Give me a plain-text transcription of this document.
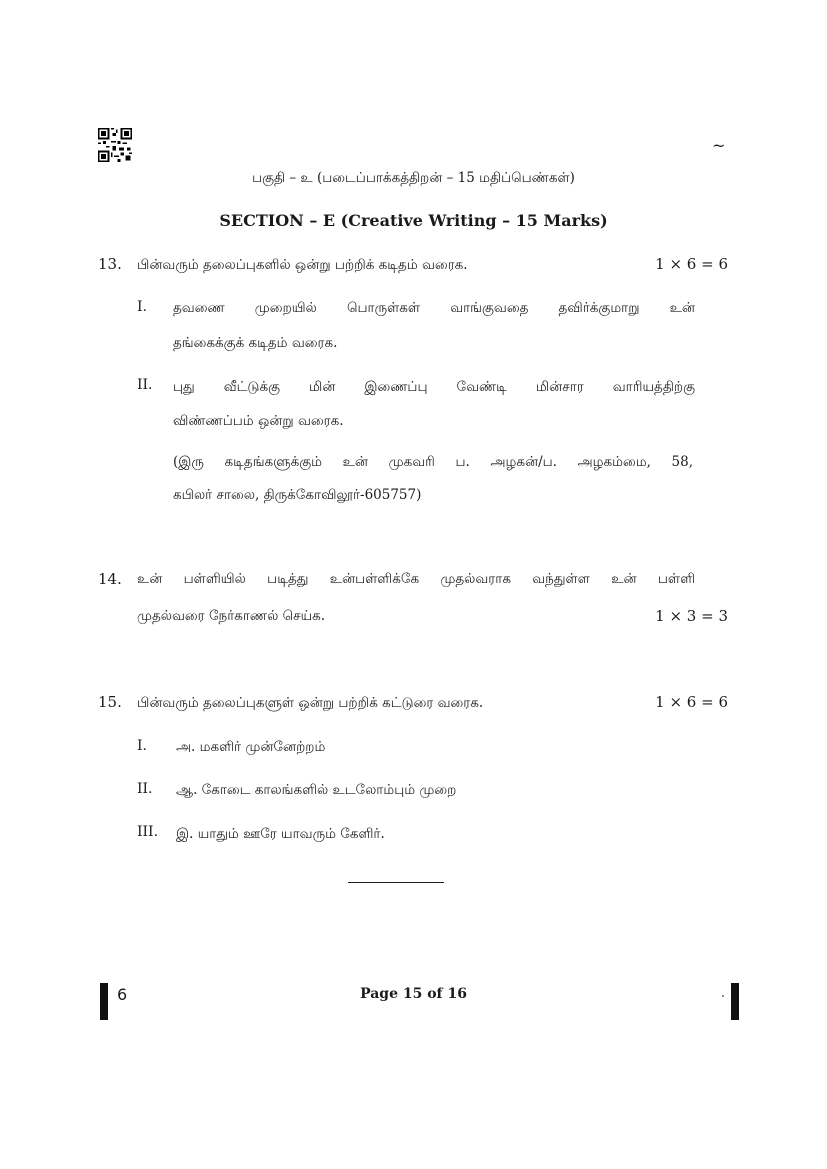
~
பகுதி – உ (படைப்பாக்கத்திறன் – 15 மதிப்பெண்கள்)
SECTION – E (Creative Writing – 15 Marks)
13. பின்வரும் தலைப்புகளில் ஒன்று பற்றிக் கடிதம் வரைக.	1 × 6 = 6
I. தவணை முறையில் பொருள்கள் வாங்குவதை தவிர்க்குமாறு உன்
தங்கைக்குக் கடிதம் வரைக.
II. புது வீட்டுக்கு மின் இணைப்பு வேண்டி மின்சார வாரியத்திற்கு
விண்ணப்பம் ஒன்று வரைக.
(இரு கடிதங்களுக்கும் உன் முகவரி ப. அழகன்/ப. அழகம்மை, 58,
கபிலர் சாலை, திருக்கோவிலூர்-605757)
14. உன் பள்ளியில் படித்து உன்பள்ளிக்கே முதல்வராக வந்துள்ள உன் பள்ளி
முதல்வரை நேர்காணல் செய்க.	1 × 3 = 3
15. பின்வரும் தலைப்புகளுள் ஒன்று பற்றிக் கட்டுரை வரைக.	1 × 6 = 6
I. அ. மகளிர் முன்னேற்றம்
II. ஆ. கோடை காலங்களில் உடலோம்பும் முறை
III. இ. யாதும் ஊரே யாவரும் கேளிர்.
6	Page 15 of 16
